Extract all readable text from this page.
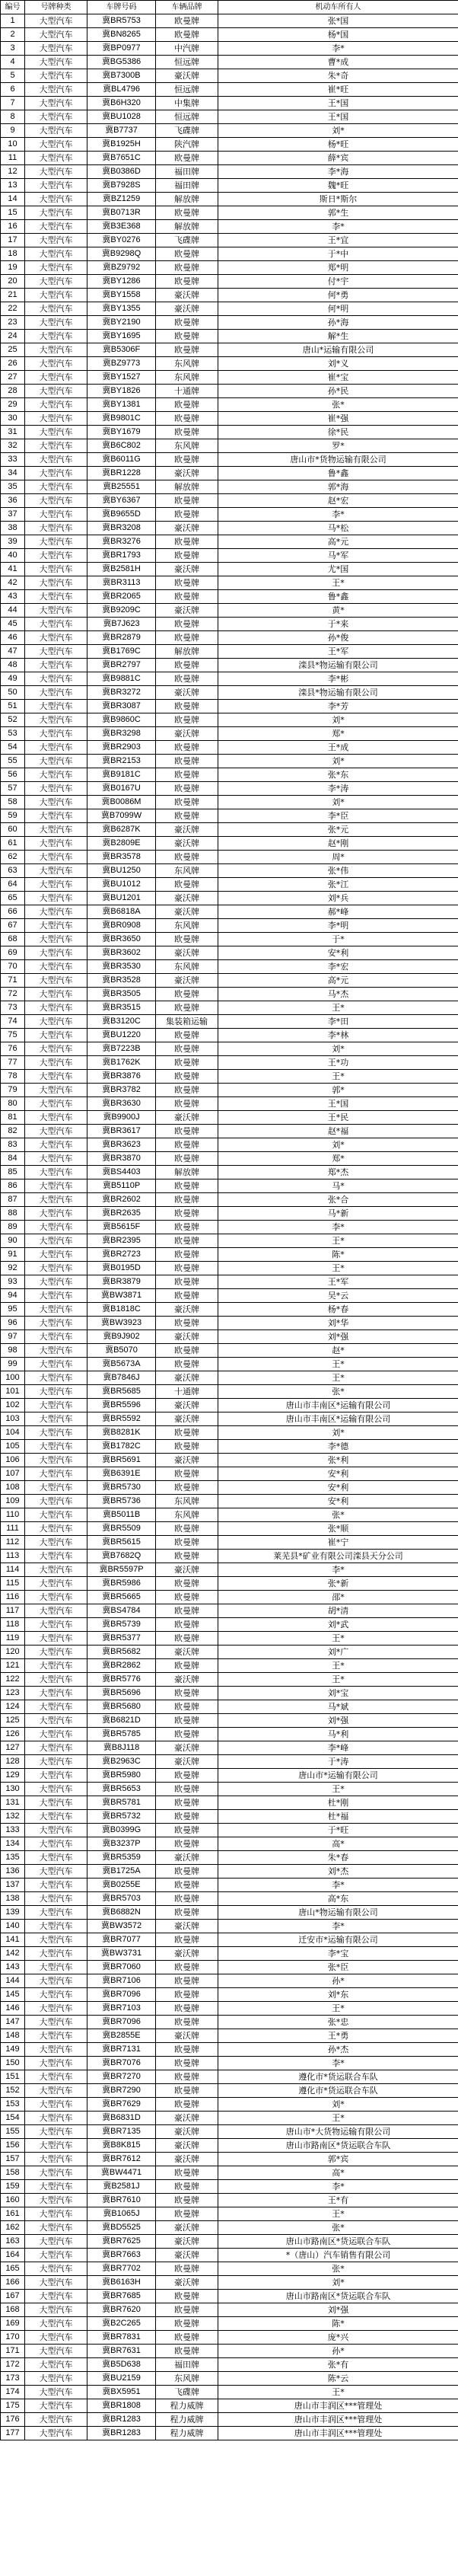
编号	号牌种类	车牌号码	车辆品牌	机动车所有人
1	大型汽车	冀BR5753	欧曼牌	张*国
2	大型汽车	冀BN8265	欧曼牌	杨*国
3	大型汽车	冀BP0977	中汽牌	李*
4	大型汽车	冀BG5386	恒远牌	曹*成
5	大型汽车	冀B7300B	豪沃牌	朱*奇
6	大型汽车	冀BL4796	恒远牌	崔*旺
7	大型汽车	冀B6H320	中集牌	王*国
8	大型汽车	冀BU1028	恒远牌	王*国
9	大型汽车	冀B7737	飞碟牌	刘*
10	大型汽车	冀B1925H	陕汽牌	杨*旺
11	大型汽车	冀B7651C	欧曼牌	薛*宾
12	大型汽车	冀B0386D	福田牌	李*海
13	大型汽车	冀B7928S	福田牌	魏*旺
14	大型汽车	冀BZ1259	解放牌	斯日*斯尔
15	大型汽车	冀B0713R	欧曼牌	郭*生
16	大型汽车	冀B3E368	解放牌	李*
17	大型汽车	冀BY0276	飞碟牌	王*宜
18	大型汽车	冀B9298Q	欧曼牌	于*中
19	大型汽车	冀BZ9792	欧曼牌	郑*明
20	大型汽车	冀BY1286	欧曼牌	付*宇
21	大型汽车	冀BY1558	豪沃牌	何*勇
22	大型汽车	冀BY1355	豪沃牌	何*明
23	大型汽车	冀BY2190	欧曼牌	孙*海
24	大型汽车	冀BY1695	欧曼牌	解*生
25	大型汽车	冀B5306F	欧曼牌	唐山*运输有限公司
26	大型汽车	冀BZ9773	东风牌	刘*义
27	大型汽车	冀BY1527	东风牌	崔*宝
28	大型汽车	冀BY1826	十通牌	孙*民
29	大型汽车	冀BY1381	欧曼牌	张*
30	大型汽车	冀B9801C	欧曼牌	崔*强
31	大型汽车	冀BY1679	欧曼牌	徐*民
32	大型汽车	冀B6C802	东风牌	罗*
33	大型汽车	冀B6011G	欧曼牌	唐山市*货物运输有限公司
34	大型汽车	冀BR1228	豪沃牌	鲁*鑫
35	大型汽车	冀B25551	解放牌	郭*海
36	大型汽车	冀BY6367	欧曼牌	赵*宏
37	大型汽车	冀B9655D	欧曼牌	李*
38	大型汽车	冀BR3208	豪沃牌	马*松
39	大型汽车	冀BR3276	欧曼牌	高*元
40	大型汽车	冀BR1793	欧曼牌	马*军
41	大型汽车	冀B2581H	豪沃牌	尤*国
42	大型汽车	冀BR3113	欧曼牌	王*
43	大型汽车	冀BR2065	欧曼牌	鲁*鑫
44	大型汽车	冀B9209C	豪沃牌	黄*
45	大型汽车	冀B7J623	欧曼牌	于*来
46	大型汽车	冀BR2879	欧曼牌	孙*俊
47	大型汽车	冀B1769C	解放牌	王*军
48	大型汽车	冀BR2797	欧曼牌	滦县*物运输有限公司
49	大型汽车	冀B9881C	欧曼牌	李*彬
50	大型汽车	冀BR3272	豪沃牌	滦县*物运输有限公司
51	大型汽车	冀BR3087	欧曼牌	李*芳
52	大型汽车	冀B9860C	欧曼牌	刘*
53	大型汽车	冀BR3298	豪沃牌	郑*
54	大型汽车	冀BR2903	欧曼牌	王*成
55	大型汽车	冀BR2153	欧曼牌	刘*
56	大型汽车	冀B9181C	欧曼牌	张*东
57	大型汽车	冀B0167U	欧曼牌	李*涛
58	大型汽车	冀B0086M	欧曼牌	刘*
59	大型汽车	冀B7099W	欧曼牌	李*臣
60	大型汽车	冀B6287K	豪沃牌	张*元
61	大型汽车	冀B2809E	豪沃牌	赵*刚
62	大型汽车	冀BR3578	欧曼牌	周*
63	大型汽车	冀BU1250	东风牌	张*伟
64	大型汽车	冀BU1012	欧曼牌	张*江
65	大型汽车	冀BU1201	豪沃牌	刘*兵
66	大型汽车	冀B6818A	豪沃牌	郝*峰
67	大型汽车	冀BR0908	东风牌	李*明
68	大型汽车	冀BR3650	欧曼牌	于*
69	大型汽车	冀BR3602	豪沃牌	安*利
70	大型汽车	冀BR3530	东风牌	李*宏
71	大型汽车	冀BR3528	豪沃牌	高*元
72	大型汽车	冀BR3505	欧曼牌	马*杰
73	大型汽车	冀BR3515	欧曼牌	王*
74	大型汽车	冀B3120C	集装箱运输	李*田
75	大型汽车	冀BU1220	欧曼牌	李*林
76	大型汽车	冀B7223B	欧曼牌	刘*
77	大型汽车	冀B1762K	欧曼牌	王*功
78	大型汽车	冀BR3876	欧曼牌	王*
79	大型汽车	冀BR3782	欧曼牌	郭*
80	大型汽车	冀BR3630	欧曼牌	王*国
81	大型汽车	冀B9900J	豪沃牌	王*民
82	大型汽车	冀BR3617	欧曼牌	赵*福
83	大型汽车	冀BR3623	欧曼牌	刘*
84	大型汽车	冀BR3870	欧曼牌	郑*
85	大型汽车	冀BS4403	解放牌	郑*杰
86	大型汽车	冀B5110P	欧曼牌	马*
87	大型汽车	冀BR2602	欧曼牌	张*合
88	大型汽车	冀BR2635	欧曼牌	马*新
89	大型汽车	冀B5615F	欧曼牌	李*
90	大型汽车	冀BR2395	欧曼牌	王*
91	大型汽车	冀BR2723	欧曼牌	陈*
92	大型汽车	冀B0195D	欧曼牌	王*
93	大型汽车	冀BR3879	欧曼牌	王*军
94	大型汽车	冀BW3871	欧曼牌	吴*云
95	大型汽车	冀B1818C	豪沃牌	杨*春
96	大型汽车	冀BW3923	欧曼牌	刘*华
97	大型汽车	冀B9J902	豪沃牌	刘*强
98	大型汽车	冀B5070	欧曼牌	赵*
99	大型汽车	冀B5673A	欧曼牌	王*
100	大型汽车	冀B7846J	豪沃牌	王*
101	大型汽车	冀BR5685	十通牌	张*
102	大型汽车	冀BR5596	豪沃牌	唐山市丰南区*运输有限公司
103	大型汽车	冀BR5592	豪沃牌	唐山市丰南区*运输有限公司
104	大型汽车	冀B8281K	欧曼牌	刘*
105	大型汽车	冀B1782C	欧曼牌	李*德
106	大型汽车	冀BR5691	豪沃牌	张*利
107	大型汽车	冀B6391E	欧曼牌	安*利
108	大型汽车	冀BR5730	欧曼牌	安*利
109	大型汽车	冀BR5736	东风牌	安*利
110	大型汽车	冀B5011B	东风牌	张*
111	大型汽车	冀BR5509	欧曼牌	张*顺
112	大型汽车	冀BR5615	欧曼牌	崔*宁
113	大型汽车	冀B7682Q	欧曼牌	莱芜县*矿业有限公司滦县天分公司
114	大型汽车	冀BR5597P	豪沃牌	李*
115	大型汽车	冀BR5986	欧曼牌	张*新
116	大型汽车	冀BR5665	欧曼牌	邵*
117	大型汽车	冀BS4784	欧曼牌	胡*清
118	大型汽车	冀BR5739	欧曼牌	刘*武
119	大型汽车	冀BR5377	欧曼牌	王*
120	大型汽车	冀BR5682	豪沃牌	刘*广
121	大型汽车	冀BR2862	欧曼牌	王*
122	大型汽车	冀BR5776	豪沃牌	王*
123	大型汽车	冀BR5696	欧曼牌	刘*宝
124	大型汽车	冀BR5680	欧曼牌	马*斌
125	大型汽车	冀B6821D	欧曼牌	刘*强
126	大型汽车	冀BR5785	欧曼牌	马*利
127	大型汽车	冀B8J118	豪沃牌	李*峰
128	大型汽车	冀B2963C	豪沃牌	于*涛
129	大型汽车	冀BR5980	欧曼牌	唐山市*运输有限公司
130	大型汽车	冀BR5653	欧曼牌	王*
131	大型汽车	冀BR5781	欧曼牌	杜*刚
132	大型汽车	冀BR5732	欧曼牌	杜*福
133	大型汽车	冀B0399G	欧曼牌	于*旺
134	大型汽车	冀B3237P	欧曼牌	高*
135	大型汽车	冀BR5359	豪沃牌	朱*春
136	大型汽车	冀B1725A	欧曼牌	刘*杰
137	大型汽车	冀B0255E	欧曼牌	李*
138	大型汽车	冀BR5703	欧曼牌	高*东
139	大型汽车	冀B6882N	欧曼牌	唐山*物运输有限公司
140	大型汽车	冀BW3572	豪沃牌	李*
141	大型汽车	冀BR7077	欧曼牌	迁安市*运输有限公司
142	大型汽车	冀BW3731	豪沃牌	李*宝
143	大型汽车	冀BR7060	欧曼牌	张*臣
144	大型汽车	冀BR7106	欧曼牌	孙*
145	大型汽车	冀BR7096	欧曼牌	刘*东
146	大型汽车	冀BR7103	欧曼牌	王*
147	大型汽车	冀BR7096	欧曼牌	张*忠
148	大型汽车	冀B2855E	豪沃牌	王*勇
149	大型汽车	冀BR7131	欧曼牌	孙*杰
150	大型汽车	冀BR7076	欧曼牌	李*
151	大型汽车	冀BR7270	欧曼牌	遵化市*货运联合车队
152	大型汽车	冀BR7290	欧曼牌	遵化市*货运联合车队
153	大型汽车	冀BR7629	欧曼牌	刘*
154	大型汽车	冀B6831D	豪沃牌	王*
155	大型汽车	冀BR7135	豪沃牌	唐山市*大货物运输有限公司
156	大型汽车	冀B8K815	豪沃牌	唐山市路南区*货运联合车队
157	大型汽车	冀BR7612	豪沃牌	郭*宾
158	大型汽车	冀BW4471	欧曼牌	高*
159	大型汽车	冀B2581J	欧曼牌	李*
160	大型汽车	冀BR7610	欧曼牌	王*有
161	大型汽车	冀B1065J	欧曼牌	王*
162	大型汽车	冀BD5525	豪沃牌	张*
163	大型汽车	冀BR7625	豪沃牌	唐山市路南区*货运联合车队
164	大型汽车	冀BR7663	豪沃牌	*（唐山）汽车销售有限公司
165	大型汽车	冀BR7702	欧曼牌	张*
166	大型汽车	冀B6163H	豪沃牌	刘*
167	大型汽车	冀BR7685	欧曼牌	唐山市路南区*货运联合车队
168	大型汽车	冀BR7620	欧曼牌	刘*强
169	大型汽车	冀B2C265	欧曼牌	陈*
170	大型汽车	冀BR7831	欧曼牌	庞*兴
171	大型汽车	冀BR7631	欧曼牌	孙*
172	大型汽车	冀B5D638	福田牌	张*有
173	大型汽车	冀BU2159	东风牌	陈*云
174	大型汽车	冀BX5951	飞碟牌	王*
175	大型汽车	冀BR1808	程力威牌	唐山市丰润区***管理处
176	大型汽车	冀BR1283	程力威牌	唐山市丰润区***管理处
177	大型汽车	冀BR1283	程力威牌	唐山市丰润区***管理处
